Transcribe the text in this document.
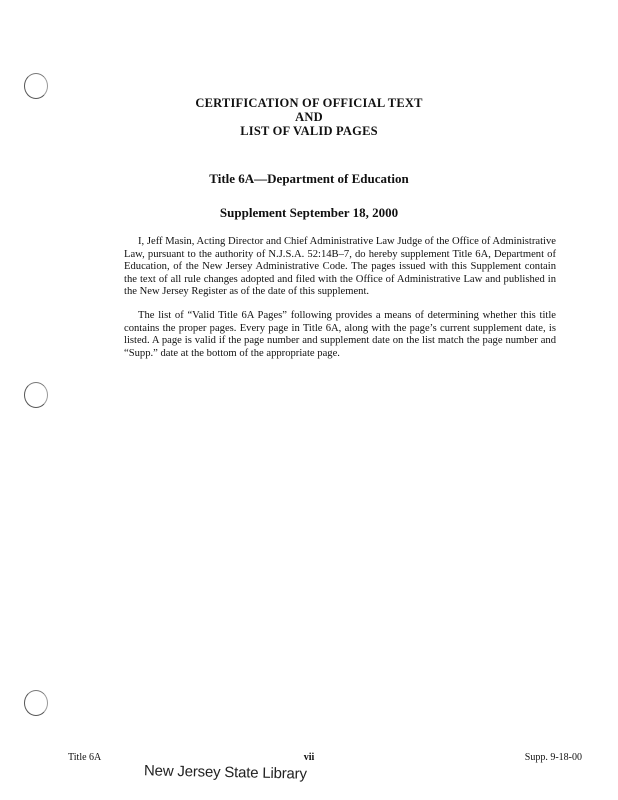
CERTIFICATION OF OFFICIAL TEXT
AND
LIST OF VALID PAGES
Title 6A—Department of Education
Supplement September 18, 2000

I, Jeff Masin, Acting Director and Chief Administrative Law Judge of the Office of Administrative Law, pursuant to the authority of N.J.S.A. 52:14B–7, do hereby supplement Title 6A, Department of Education, of the New Jersey Administrative Code. The pages issued with this Supplement contain the text of all rule changes adopted and filed with the Office of Administrative Law and published in the New Jersey Register as of the date of this supplement.

The list of “Valid Title 6A Pages” following provides a means of determining whether this title contains the proper pages. Every page in Title 6A, along with the page’s current supplement date, is listed. A page is valid if the page number and supplement date on the list match the page number and “Supp.” date at the bottom of the appropriate page.

Title 6A	vii	Supp. 9-18-00
New Jersey State Library
